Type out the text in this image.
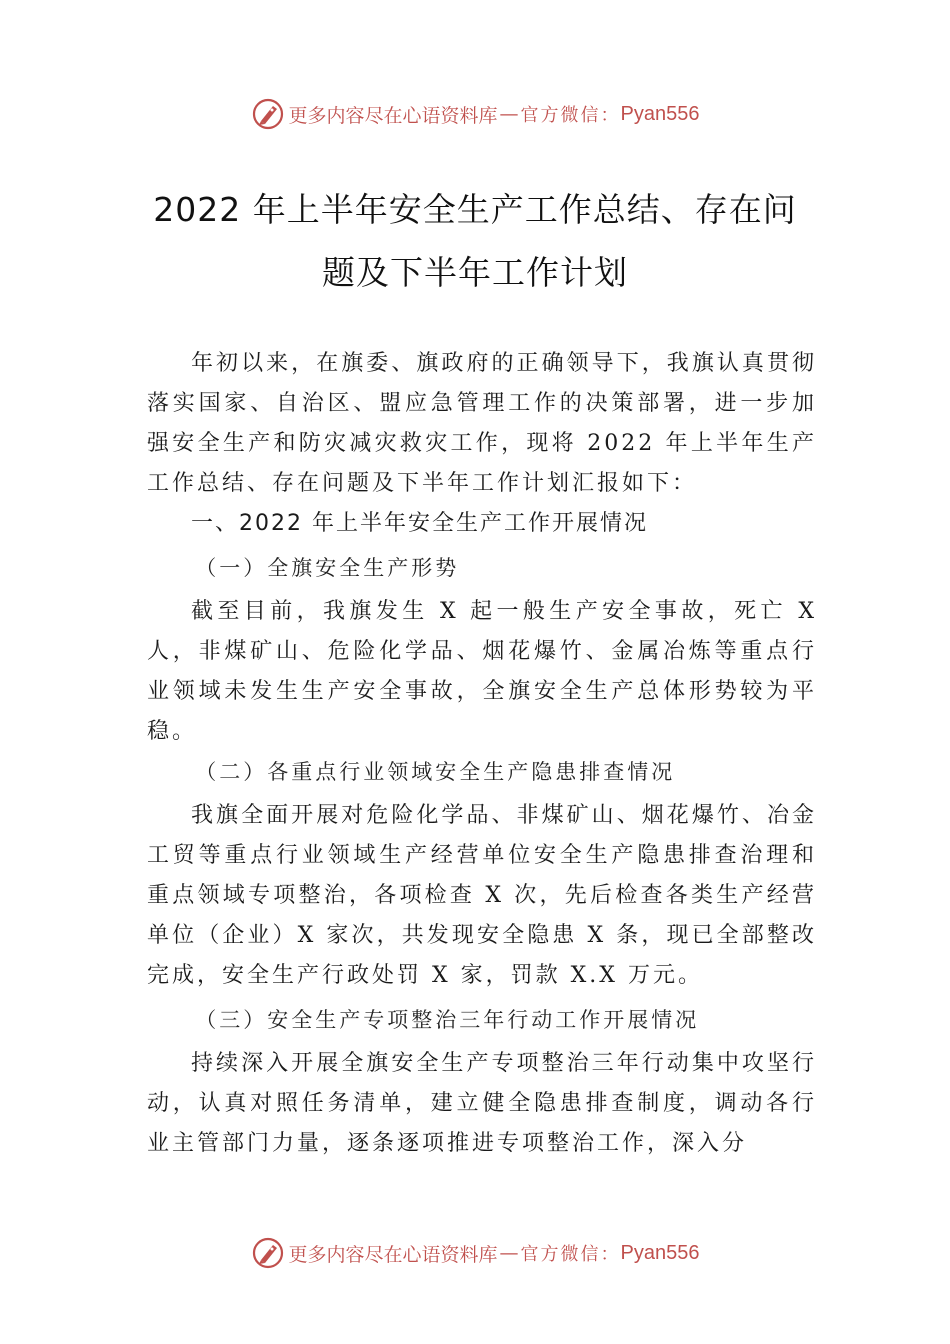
更多内容尽在心语资料库 — 官方微信： Pyan556
2022 年上半年安全生产工作总结、存在问
题及下半年工作计划

年初以来，在旗委、旗政府的正确领导下，我旗认真贯彻落实国家、自治区、盟应急管理工作的决策部署，进一步加强安全生产和防灾减灾救灾工作，现将 2022 年上半年生产工作总结、存在问题及下半年工作计划汇报如下：

一、2022 年上半年安全生产工作开展情况
（一）全旗安全生产形势

截至目前，我旗发生 X 起一般生产安全事故，死亡 X 人，非煤矿山、危险化学品、烟花爆竹、金属冶炼等重点行业领域未发生生产安全事故，全旗安全生产总体形势较为平稳。

（二）各重点行业领域安全生产隐患排查情况

我旗全面开展对危险化学品、非煤矿山、烟花爆竹、冶金工贸等重点行业领域生产经营单位安全生产隐患排查治理和重点领域专项整治，各项检查 X 次，先后检查各类生产经营单位（企业）X 家次，共发现安全隐患 X 条，现已全部整改完成，安全生产行政处罚 X 家，罚款 X.X 万元。

（三）安全生产专项整治三年行动工作开展情况

持续深入开展全旗安全生产专项整治三年行动集中攻坚行动，认真对照任务清单，建立健全隐患排查制度，调动各行业主管部门力量，逐条逐项推进专项整治工作，深入分

更多内容尽在心语资料库 — 官方微信： Pyan556
